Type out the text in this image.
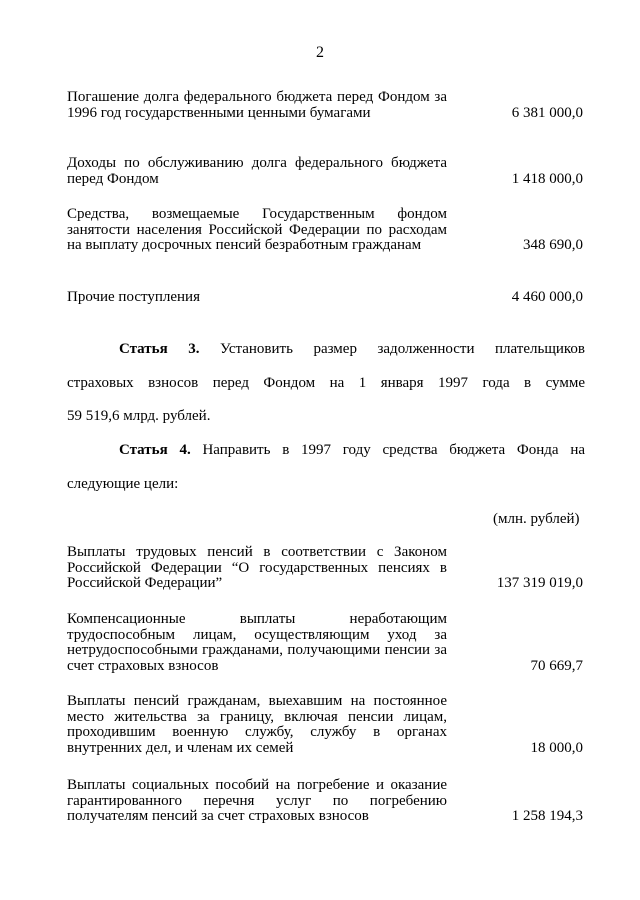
2
Погашение долга федерального бюджета перед Фондом за 1996 год государственными ценными бумагами	6 381 000,0
Доходы по обслуживанию долга федерального бюджета перед Фондом	1 418 000,0
Средства, возмещаемые Государственным фондом занятости населения Российской Федерации по расходам на выплату досрочных пенсий безработным гражданам	348 690,0
Прочие поступления	4 460 000,0
Статья 3. Установить размер задолженности плательщиков
страховых взносов перед Фондом на 1 января 1997 года в сумме
59 519,6 млрд. рублей.
Статья 4. Направить в 1997 году средства бюджета Фонда на
следующие цели:
(млн. рублей)
Выплаты трудовых пенсий в соответствии с Законом Российской Федерации “О государственных пенсиях в Российской Федерации”	137 319 019,0
Компенсационные выплаты неработающим трудоспособным лицам, осуществляющим уход за нетрудоспособными гражданами, получающими пенсии за счет страховых взносов	70 669,7
Выплаты пенсий гражданам, выехавшим на постоянное место жительства за границу, включая пенсии лицам, проходившим военную службу, службу в органах внутренних дел, и членам их семей	18 000,0
Выплаты социальных пособий на погребение и оказание гарантированного перечня услуг по погребению получателям пенсий за счет страховых взносов	1 258 194,3
